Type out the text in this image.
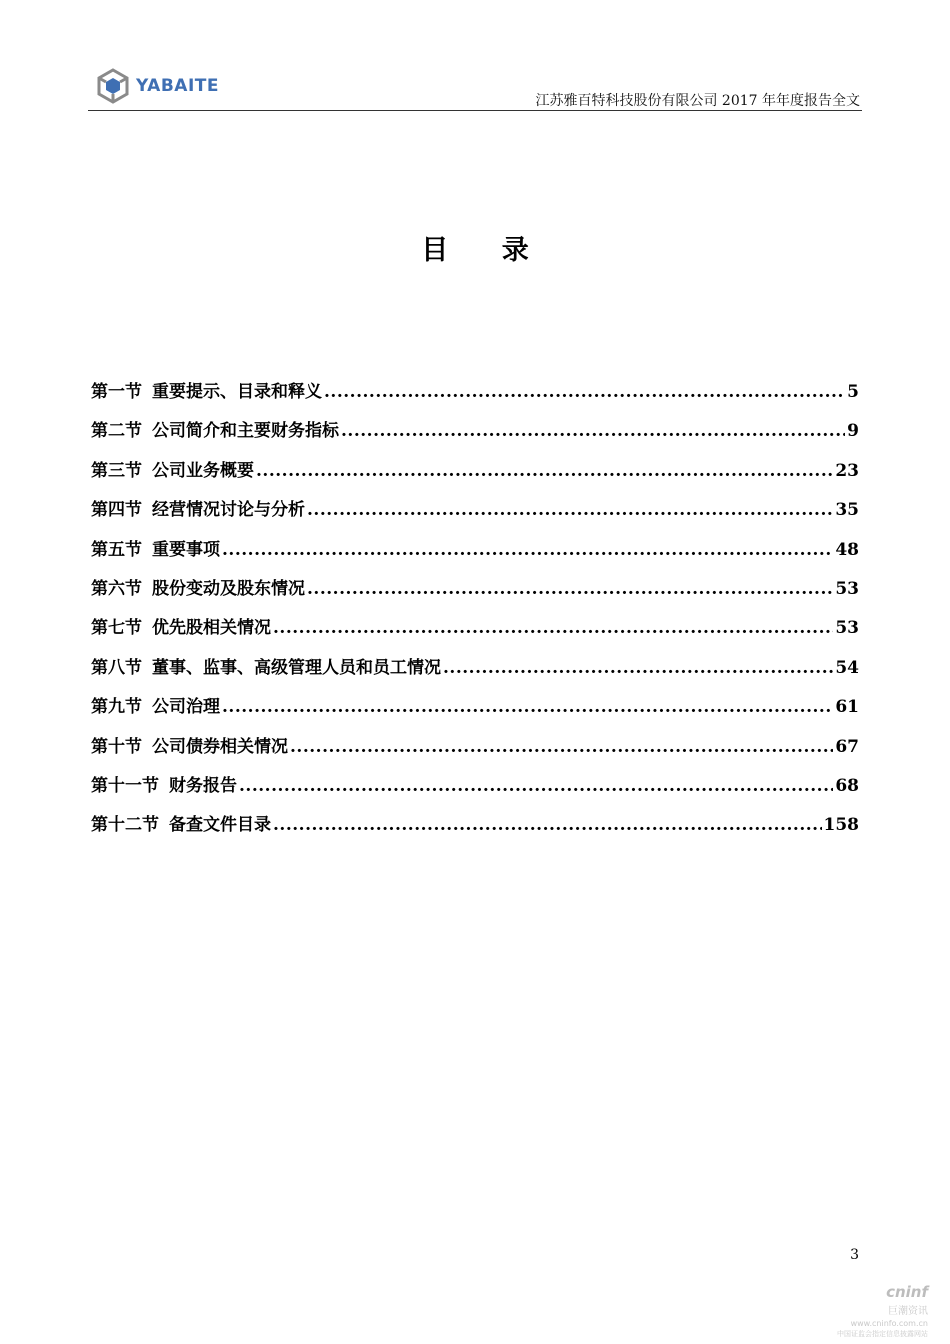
YABAITE
江苏雅百特科技股份有限公司 2017 年年度报告全文
目 录
第一节 重要提示、目录和释义 .....	5
第二节 公司简介和主要财务指标 .....	9
第三节 公司业务概要 .....	23
第四节 经营情况讨论与分析 .....	35
第五节 重要事项 .....	48
第六节 股份变动及股东情况 .....	53
第七节 优先股相关情况 .....	53
第八节 董事、监事、高级管理人员和员工情况 .....	54
第九节 公司治理 .....	61
第十节 公司债券相关情况 .....	67
第十一节 财务报告 .....	68
第十二节 备查文件目录 .....	158
3
cninf
巨潮资讯
www.cninfo.com.cn
中国证监会指定信息披露网站
